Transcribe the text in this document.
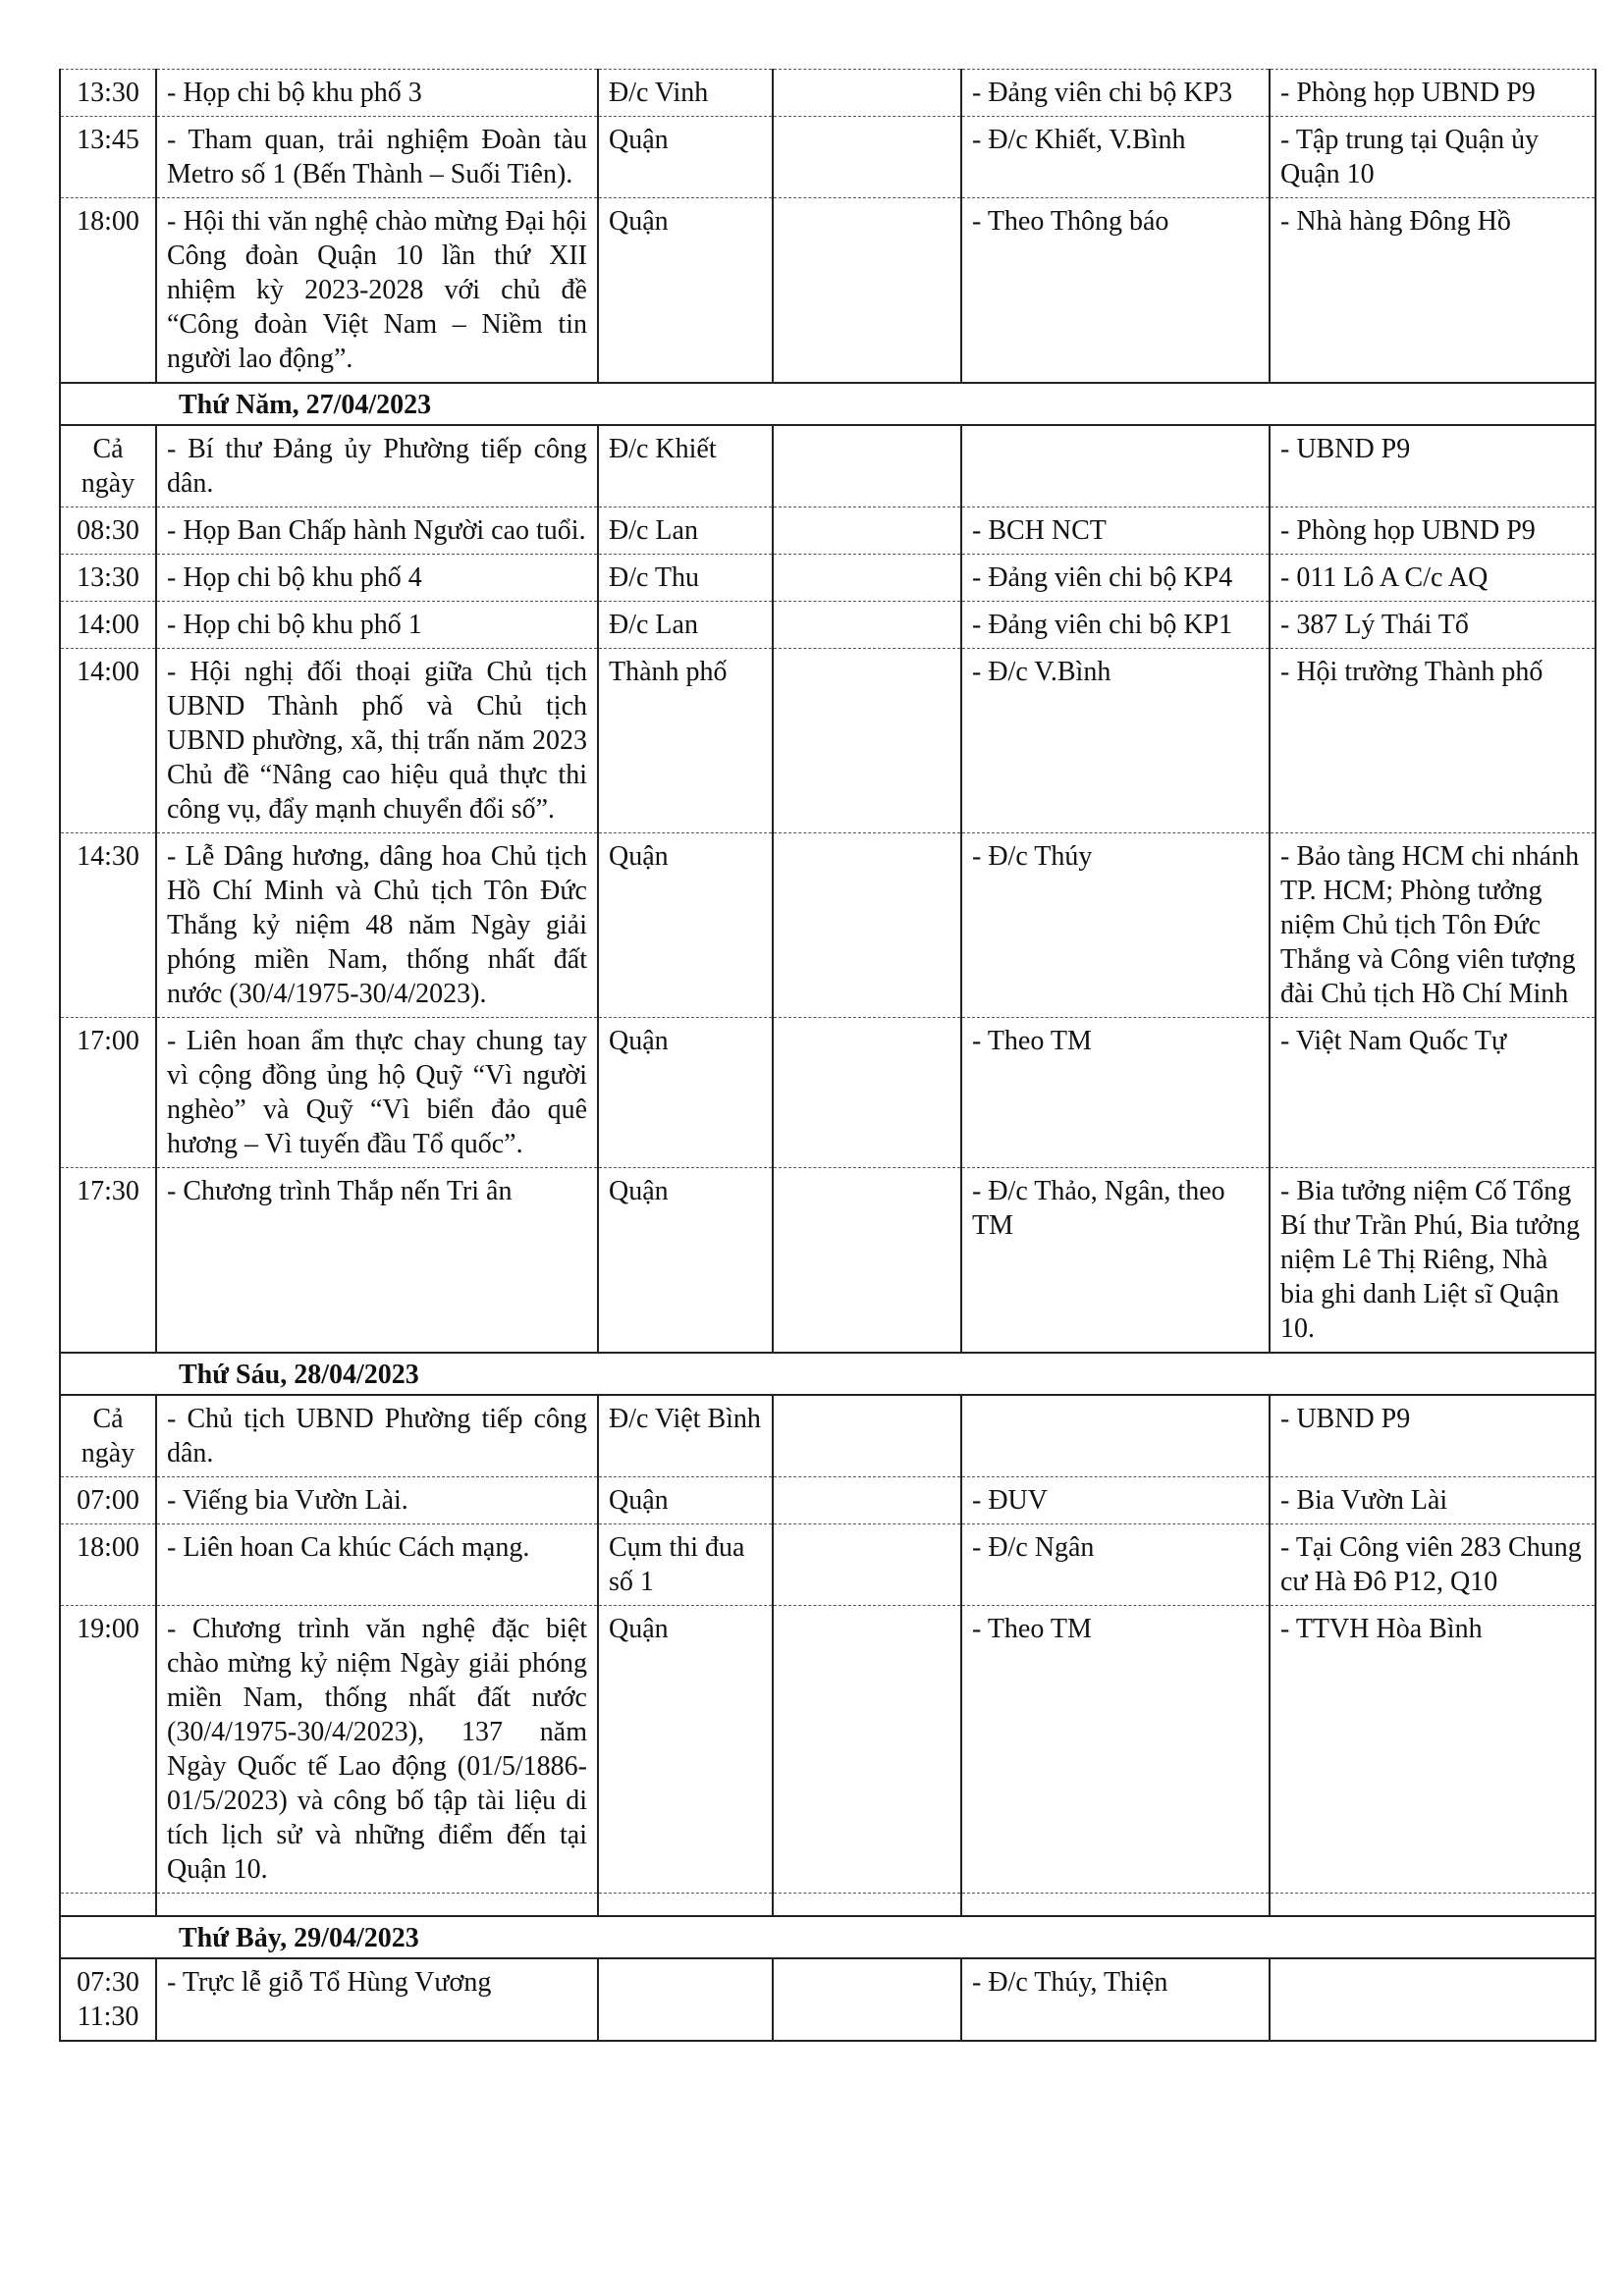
13:30	- Họp chi bộ khu phố 3	Đ/c Vinh		- Đảng viên chi bộ KP3	- Phòng họp UBND P9

13:45	- Tham quan, trải nghiệm Đoàn tàu Metro số 1 (Bến Thành – Suối Tiên).	Quận		- Đ/c Khiết, V.Bình	- Tập trung tại Quận ủy Quận 10

18:00	- Hội thi văn nghệ chào mừng Đại hội Công đoàn Quận 10 lần thứ XII nhiệm kỳ 2023-2028 với chủ đề “Công đoàn Việt Nam – Niềm tin người lao động”.	Quận		- Theo Thông báo	- Nhà hàng Đông Hồ
Thứ Năm, 27/04/2023					

Cả
ngày	- Bí thư Đảng ủy Phường tiếp công dân.	Đ/c Khiết			- UBND P9

08:30	- Họp Ban Chấp hành Người cao tuổi.	Đ/c Lan		- BCH NCT	- Phòng họp UBND P9

13:30	- Họp chi bộ khu phố 4	Đ/c Thu		- Đảng viên chi bộ KP4	- 011 Lô A C/c AQ

14:00	- Họp chi bộ khu phố 1	Đ/c Lan		- Đảng viên chi bộ KP1	- 387 Lý Thái Tổ

14:00	- Hội nghị đối thoại giữa Chủ tịch UBND Thành phố và Chủ tịch UBND phường, xã, thị trấn năm 2023 Chủ đề “Nâng cao hiệu quả thực thi công vụ, đẩy mạnh chuyển đổi số”.	Thành phố		- Đ/c V.Bình	- Hội trường Thành phố

14:30	- Lễ Dâng hương, dâng hoa Chủ tịch Hồ Chí Minh và Chủ tịch Tôn Đức Thắng kỷ niệm 48 năm Ngày giải phóng miền Nam, thống nhất đất nước (30/4/1975-30/4/2023).	Quận		- Đ/c Thúy	- Bảo tàng HCM chi nhánh TP. HCM; Phòng tưởng niệm Chủ tịch Tôn Đức Thắng và Công viên tượng đài Chủ tịch Hồ Chí Minh

17:00	- Liên hoan ẩm thực chay chung tay vì cộng đồng ủng hộ Quỹ “Vì người nghèo” và Quỹ “Vì biển đảo quê hương – Vì tuyến đầu Tổ quốc”.	Quận		- Theo TM	- Việt Nam Quốc Tự

17:30	- Chương trình Thắp nến Tri ân	Quận		- Đ/c Thảo, Ngân, theo TM	- Bia tưởng niệm Cố Tổng Bí thư Trần Phú, Bia tưởng niệm Lê Thị Riêng, Nhà bia ghi danh Liệt sĩ Quận 10.
Thứ Sáu, 28/04/2023					

Cả
ngày	- Chủ tịch UBND Phường tiếp công dân.	Đ/c Việt Bình			- UBND P9

07:00	- Viếng bia Vườn Lài.	Quận		- ĐUV	- Bia Vườn Lài

18:00	- Liên hoan Ca khúc Cách mạng.	Cụm thi đua số 1		- Đ/c Ngân	- Tại Công viên 283 Chung cư Hà Đô P12, Q10

19:00	- Chương trình văn nghệ đặc biệt chào mừng kỷ niệm Ngày giải phóng miền Nam, thống nhất đất nước (30/4/1975-30/4/2023), 137 năm Ngày Quốc tế Lao động (01/5/1886-01/5/2023) và công bố tập tài liệu di tích lịch sử và những điểm đến tại Quận 10.	Quận		- Theo TM	- TTVH Hòa Bình

Thứ Bảy, 29/04/2023					

07:30
11:30	- Trực lễ giỗ Tổ Hùng Vương			- Đ/c Thúy, Thiện	
